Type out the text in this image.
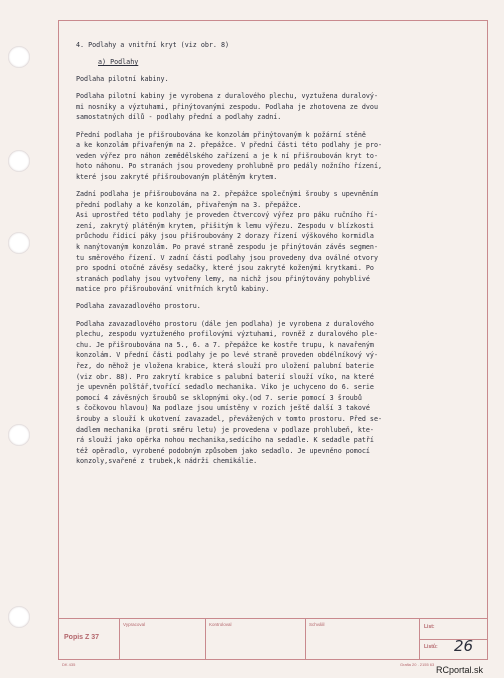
4. Podlahy a vnitřní kryt (viz obr. 8)

a) Podlahy

Podlaha pilotní kabiny.

Podlaha pilotní kabiny je vyrobena z duralového plechu, vyztužena duralový-
mi nosníky a výztuhami, přinýtovanými zespodu. Podlaha je zhotovena ze dvou
samostatných dílů - podlahy přední a podlahy zadní.

Přední podlaha je přišroubována ke konzolám přinýtovaným k požární stěně
a ke konzolám přivařeným na 2. přepážce. V přední části této podlahy je pro-
veden výřez pro náhon zemědělského zařízení a je k ní přišroubován kryt to-
hoto náhonu. Po stranách jsou provedeny prohlubně pro pedály nožního řízení,
které jsou zakryté přišroubovaným plátěným krytem.

Zadní podlaha je přišroubována na 2. přepážce společnými šrouby s upevněním
přední podlahy a ke konzolám, přivařeným na 3. přepážce.
Asi uprostřed této podlahy je proveden čtvercový výřez pro páku ručního ří-
zení, zakrytý plátěným krytem, přišitým k lemu výřezu. Zespodu v blízkosti
průchodu řídicí páky jsou přišroubovány 2 dorazy řízení výškového kormidla
k nanýtovaným konzolám. Po pravé straně zespodu je přinýtován závěs segmen-
tu směrového řízení. V zadní části podlahy jsou provedeny dva oválné otvory
pro spodní otočné závěsy sedačky, které jsou zakryté koženými krytkami. Po
stranách podlahy jsou vytvořeny lemy, na nichž jsou přinýtovány pohyblivé
matice pro přišroubování vnitřních krytů kabiny.

Podlaha zavazadlového prostoru.

Podlaha zavazadlového prostoru (dále jen podlaha) je vyrobena z duralového
plechu, zespodu vyztuženého profilovými výztuhami, rovněž z duralového ple-
chu. Je přišroubována na 5., 6. a 7. přepážce ke kostře trupu, k navařeným
konzolám. V přední části podlahy je po levé straně proveden obdélníkový vý-
řez, do něhož je vložena krabice, která slouží pro uložení palubní baterie
(viz obr. 88). Pro zakrytí krabice s palubní baterií slouží víko, na které
je upevněn polštář,tvořící sedadlo mechanika. Víko je uchyceno do 6. serie
pomocí 4 závěsných šroubů se sklopnými oky.(od 7. serie pomocí 3 šroubů
s čočkovou hlavou) Na podlaze jsou umístěny v rozích ještě další 3 takové
šrouby a slouží k ukotvení zavazadel, převážených v tomto prostoru. Před se-
dadlem mechanika (proti směru letu) je provedena v podlaze prohlubeň, kte-
rá slouží jako opěrka nohou mechanika,sedícího na sedadle. K sedadle patří
též opěradlo, vyrobené podobným způsobem jako sedadlo. Je upevněno pomocí
konzoly,svařené z trubek,k nádrži chemikálie.

Popis Z 37
Vypracoval	Kontroloval	Schválil	List:
Listů: 26
DK 435	Grafia 20 . 2155 63
RCportal.sk
